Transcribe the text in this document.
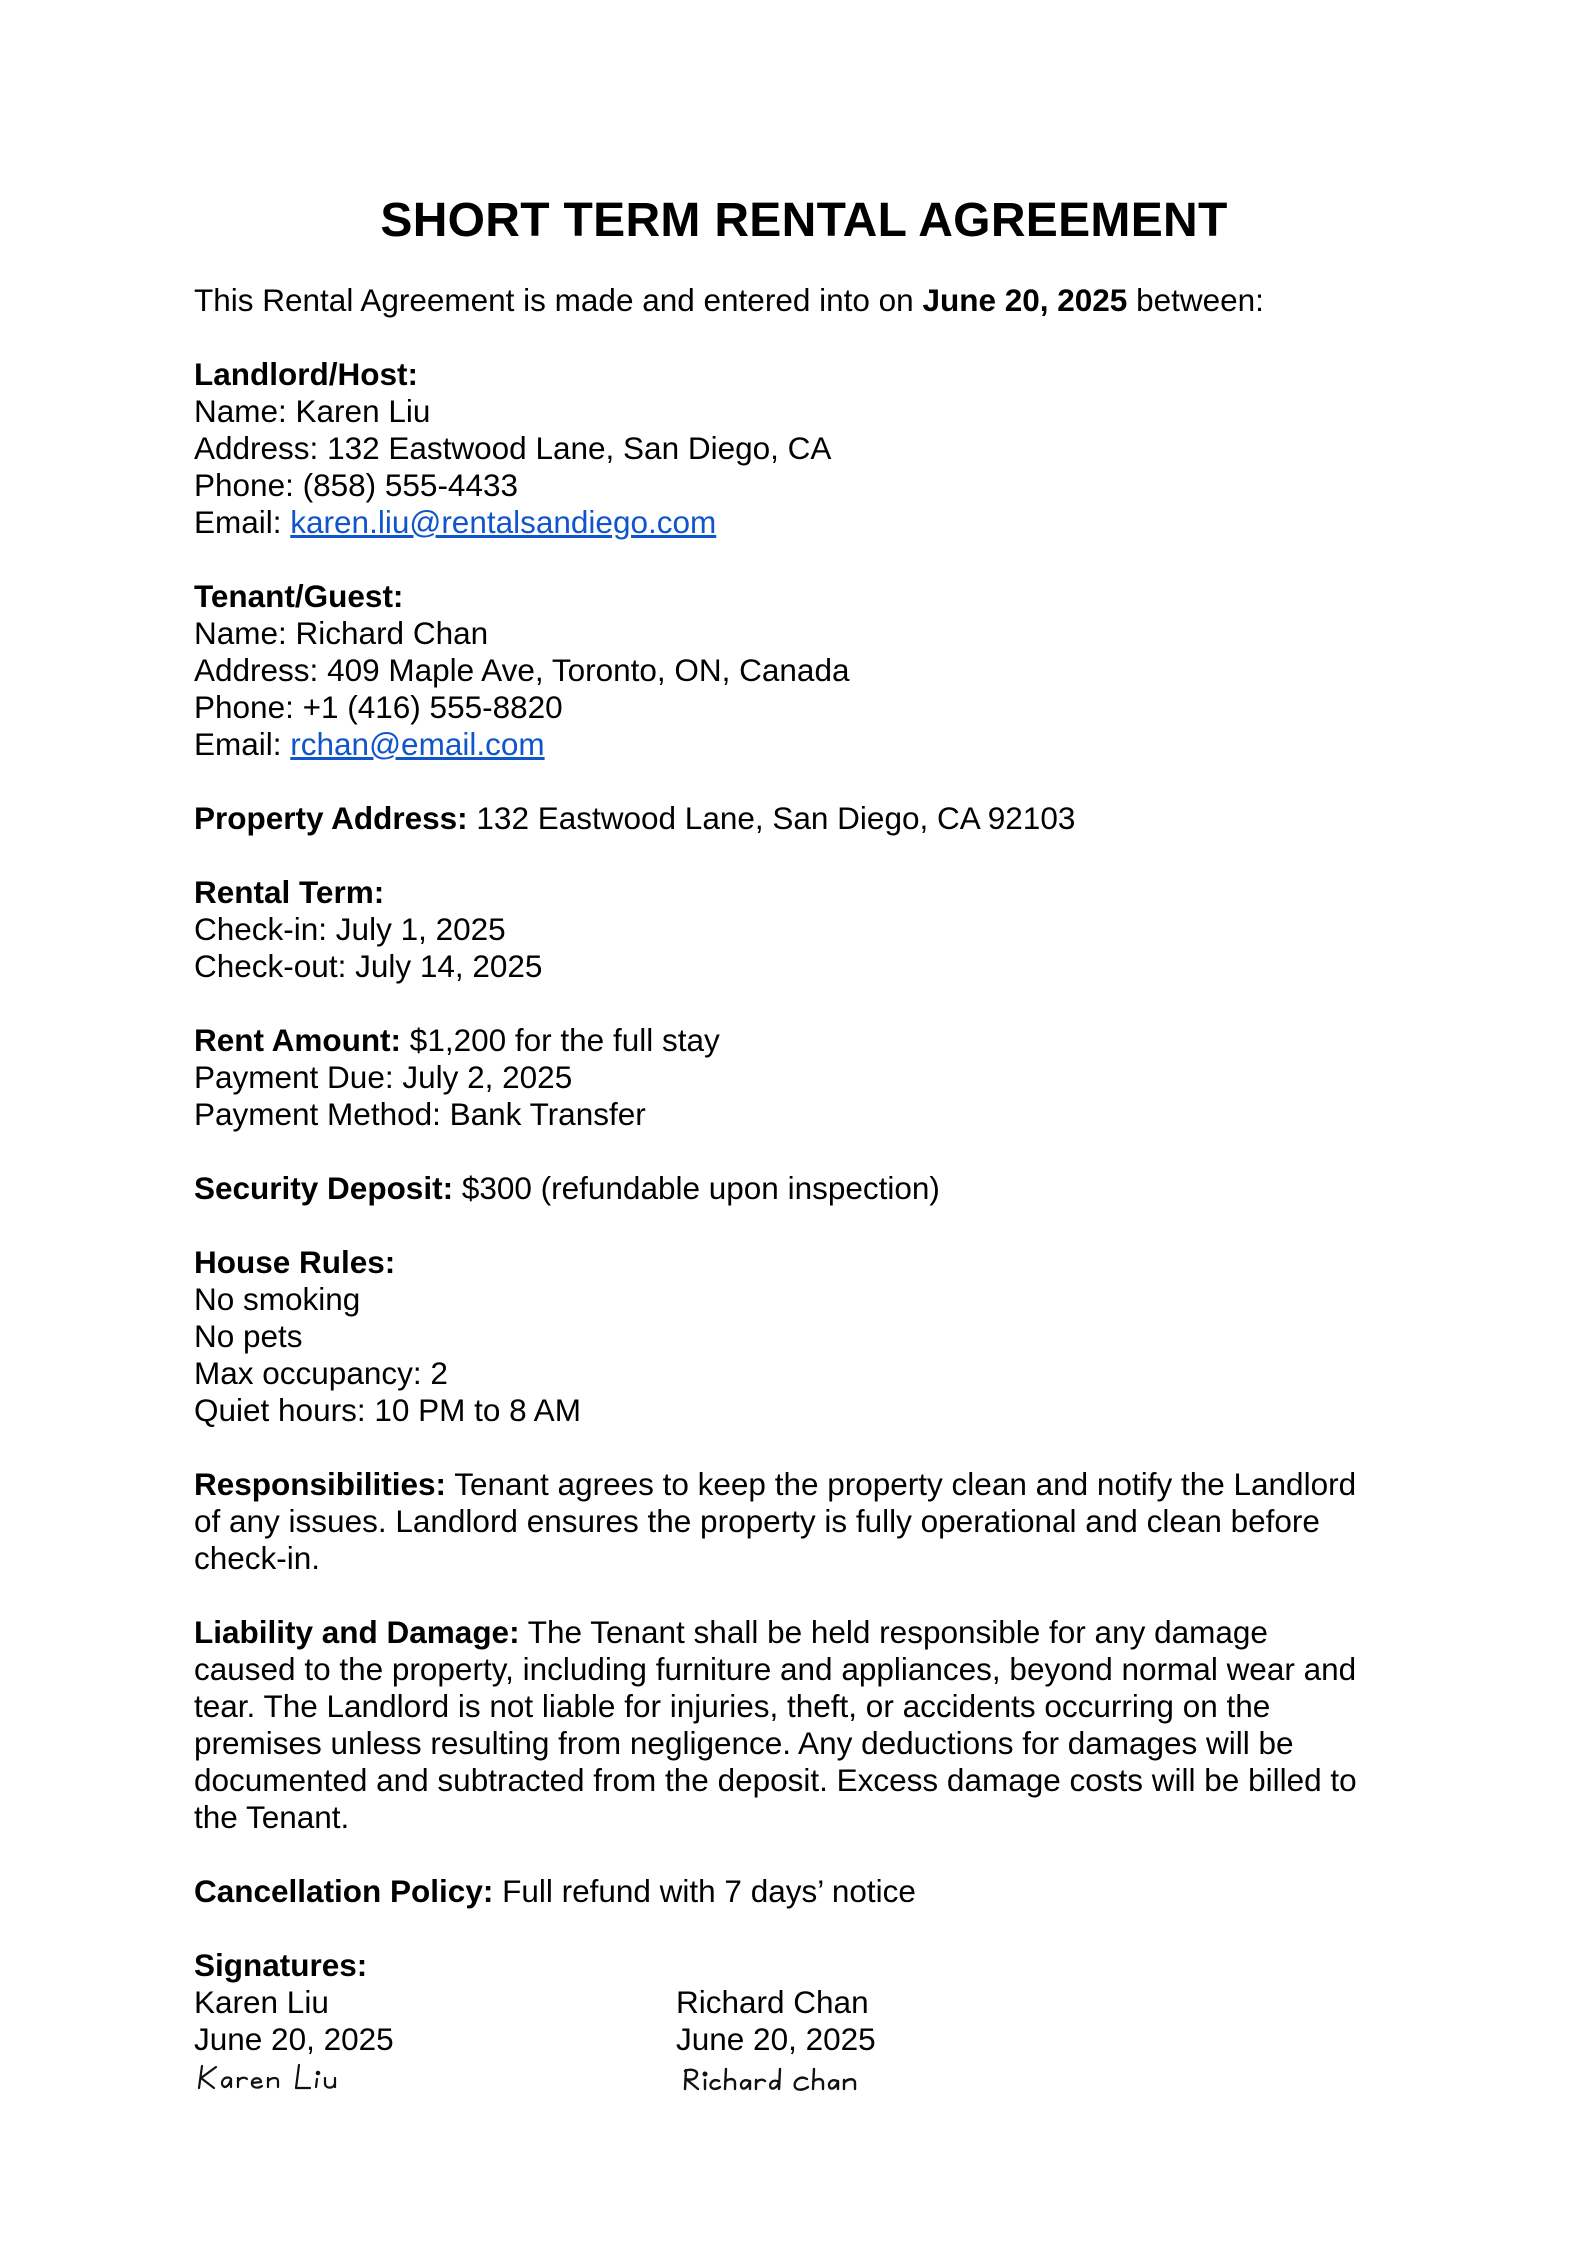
SHORT TERM RENTAL AGREEMENT
This Rental Agreement is made and entered into on June 20, 2025 between:
Landlord/Host:
Name: Karen Liu
Address: 132 Eastwood Lane, San Diego, CA
Phone: (858) 555-4433
Email: karen.liu@rentalsandiego.com
Tenant/Guest:
Name: Richard Chan
Address: 409 Maple Ave, Toronto, ON, Canada
Phone: +1 (416) 555-8820
Email: rchan@email.com
Property Address: 132 Eastwood Lane, San Diego, CA 92103
Rental Term:
Check-in: July 1, 2025
Check-out: July 14, 2025
Rent Amount: $1,200 for the full stay
Payment Due: July 2, 2025
Payment Method: Bank Transfer
Security Deposit: $300 (refundable upon inspection)
House Rules:
No smoking
No pets
Max occupancy: 2
Quiet hours: 10 PM to 8 AM
Responsibilities: Tenant agrees to keep the property clean and notify the Landlord
of any issues. Landlord ensures the property is fully operational and clean before
check-in.
Liability and Damage: The Tenant shall be held responsible for any damage
caused to the property, including furniture and appliances, beyond normal wear and
tear. The Landlord is not liable for injuries, theft, or accidents occurring on the
premises unless resulting from negligence. Any deductions for damages will be
documented and subtracted from the deposit. Excess damage costs will be billed to
the Tenant.
Cancellation Policy: Full refund with 7 days’ notice
Signatures:
Karen Liu
June 20, 2025
Richard Chan
June 20, 2025
